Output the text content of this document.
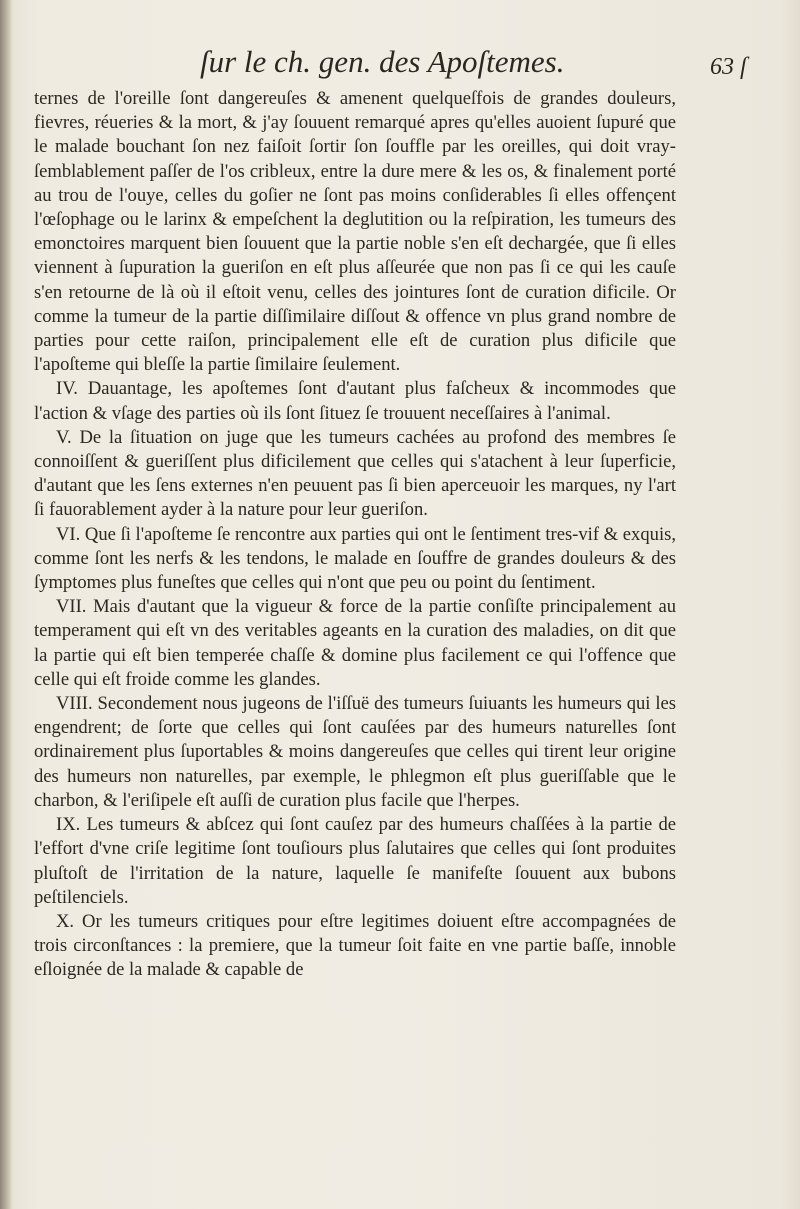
ſur le ch. gen. des Apoſtemes.	63 ſ

ternes de l'oreille ſont dangereuſes & amenent quelqueſfois de grandes douleurs, fievres, réueries & la mort, & j'ay ſouuent remarqué apres qu'elles auoient ſupuré que le malade bouchant ſon nez faiſoit ſortir ſon ſouffle par les oreilles, qui doit vray-ſemblablement paſſer de l'os cribleux, entre la dure mere & les os, & finalement porté au trou de l'ouye, celles du goſier ne ſont pas moins conſiderables ſi elles offençent l'œſophage ou le larinx & empeſchent la deglutition ou la reſpiration, les tumeurs des emonctoires marquent bien ſouuent que la partie noble s'en eſt dechargée, que ſi elles viennent à ſupuration la gueriſon en eſt plus aſſeurée que non pas ſi ce qui les cauſe s'en retourne de là où il eſtoit venu, celles des jointures ſont de curation dificile. Or comme la tumeur de la partie diſſimilaire diſſout & offence vn plus grand nombre de parties pour cette raiſon, principalement elle eſt de curation plus dificile que l'apoſteme qui bleſſe la partie ſimilaire ſeulement.

IV. Dauantage, les apoſtemes ſont d'autant plus faſcheux & incommodes que l'action & vſage des parties où ils ſont ſituez ſe trouuent neceſſaires à l'animal.

V. De la ſituation on juge que les tumeurs cachées au profond des membres ſe connoiſſent & gueriſſent plus dificilement que celles qui s'atachent à leur ſuperficie, d'autant que les ſens externes n'en peuuent pas ſi bien aperceuoir les marques, ny l'art ſi fauorablement ayder à la nature pour leur gueriſon.

VI. Que ſi l'apoſteme ſe rencontre aux parties qui ont le ſentiment tres-vif & exquis, comme ſont les nerfs & les tendons, le malade en ſouffre de grandes douleurs & des ſymptomes plus funeſtes que celles qui n'ont que peu ou point du ſentiment.

VII. Mais d'autant que la vigueur & force de la partie conſiſte principalement au temperament qui eſt vn des veritables ageants en la curation des maladies, on dit que la partie qui eſt bien temperée chaſſe & domine plus facilement ce qui l'offence que celle qui eſt froide comme les glandes.

VIII. Secondement nous jugeons de l'iſſuë des tumeurs ſuiuants les humeurs qui les engendrent; de ſorte que celles qui ſont cauſées par des humeurs naturelles ſont ordinairement plus ſuportables & moins dangereuſes que celles qui tirent leur origine des humeurs non naturelles, par exemple, le phlegmon eſt plus gueriſſable que le charbon, & l'eriſipele eſt auſſi de curation plus facile que l'herpes.

IX. Les tumeurs & abſcez qui ſont cauſez par des humeurs chaſſées à la partie de l'effort d'vne criſe legitime ſont touſiours plus ſalutaires que celles qui ſont produites pluſtoſt de l'irritation de la nature, laquelle ſe manifeſte ſouuent aux bubons peſtilenciels.

X. Or les tumeurs critiques pour eſtre legitimes doiuent eſtre accompagnées de trois circonſtances : la premiere, que la tumeur ſoit faite en vne partie baſſe, innoble eſloignée de la malade & capable de
